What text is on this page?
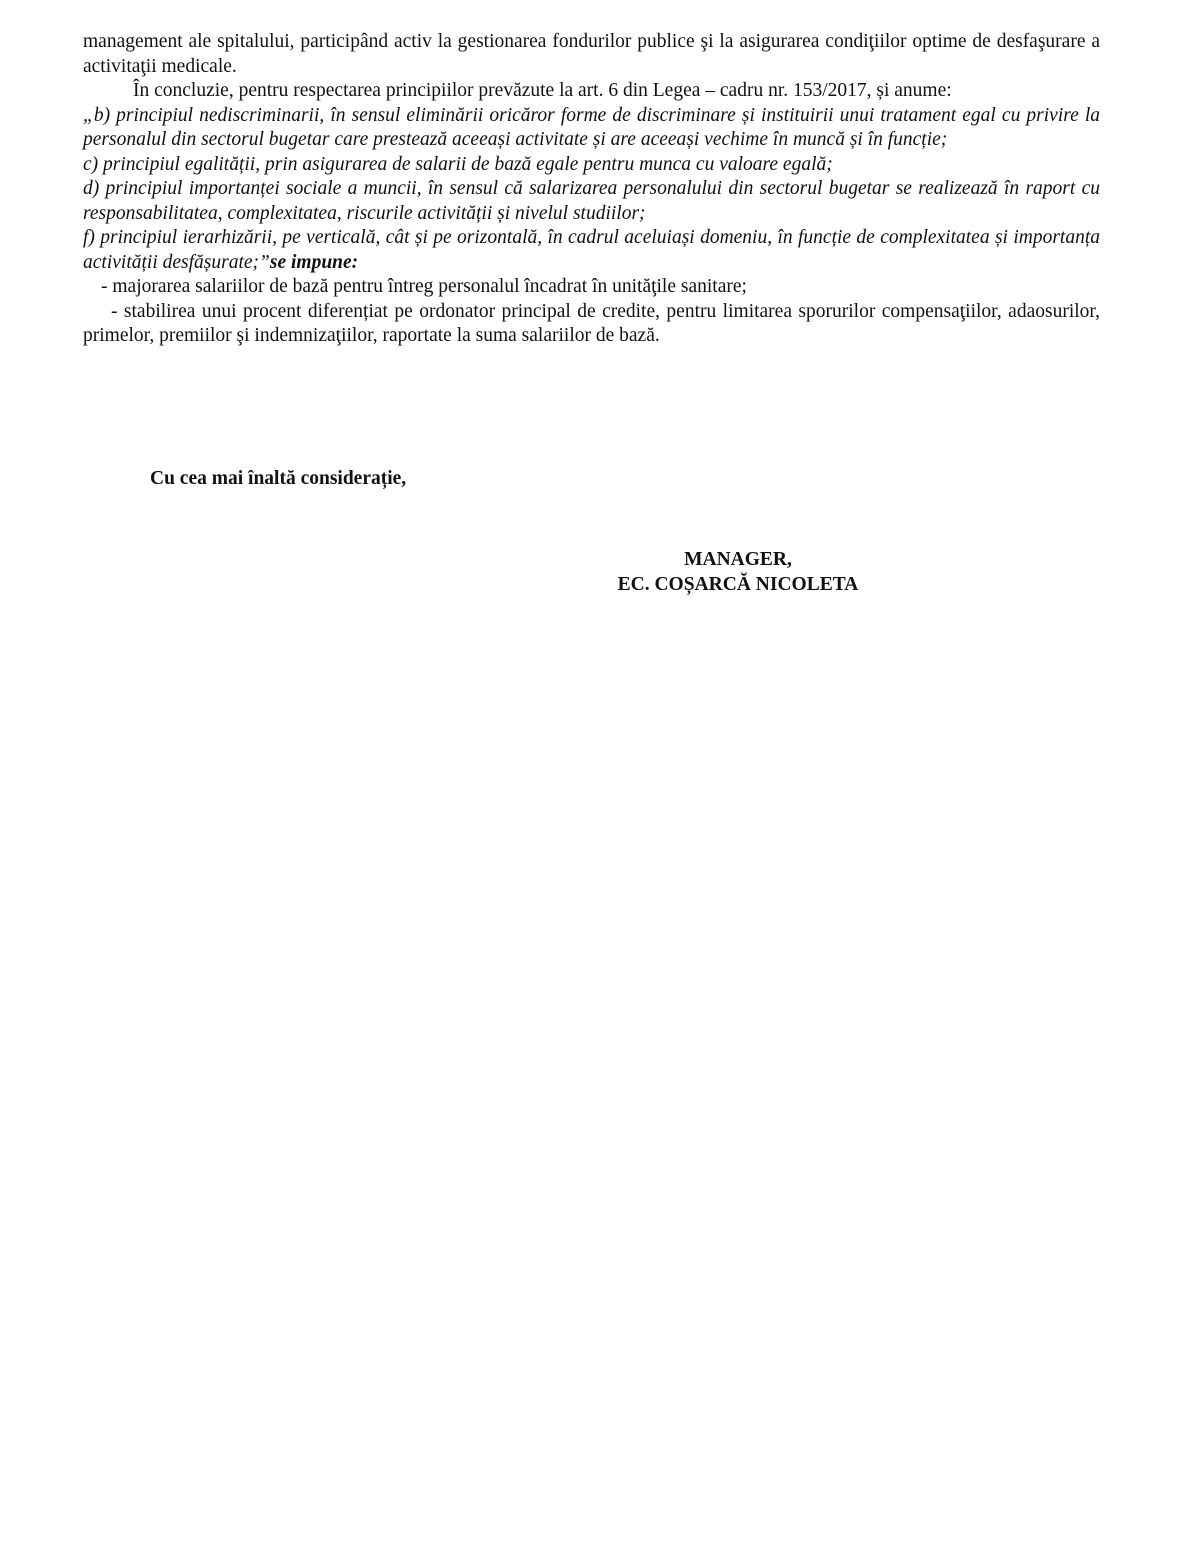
management ale spitalului, participând activ la gestionarea fondurilor publice şi la asigurarea condiţiilor optime de desfaşurare a activitaţii medicale.

În concluzie, pentru respectarea principiilor prevăzute la art. 6 din Legea – cadru nr. 153/2017, și anume:

„b) principiul nediscriminarii, în sensul eliminării oricăror forme de discriminare și instituirii unui tratament egal cu privire la personalul din sectorul bugetar care prestează aceeași activitate și are aceeași vechime în muncă și în funcție;

c) principiul egalității, prin asigurarea de salarii de bază egale pentru munca cu valoare egală;

d) principiul importanței sociale a muncii, în sensul că salarizarea personalului din sectorul bugetar se realizează în raport cu responsabilitatea, complexitatea, riscurile activității și nivelul studiilor;

f) principiul ierarhizării, pe verticală, cât și pe orizontală, în cadrul aceluiași domeniu, în funcție de complexitatea și importanța activității desfășurate;”se impune:

- majorarea salariilor de bază pentru întreg personalul încadrat în unităţile sanitare;

- stabilirea unui procent diferențiat pe ordonator principal de credite, pentru limitarea sporurilor compensaţiilor, adaosurilor, primelor, premiilor şi indemnizaţiilor, raportate la suma salariilor de bază.

Cu cea mai înaltă considerație,

MANAGER,
EC. COȘARCĂ NICOLETA
